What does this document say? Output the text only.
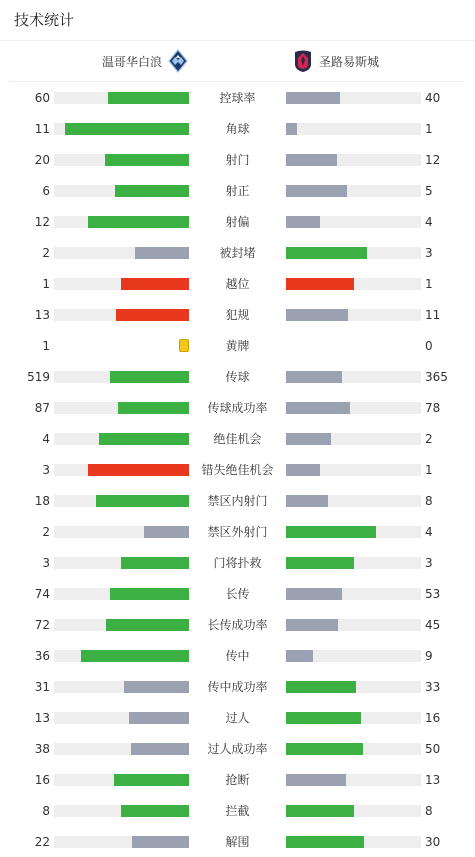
技术统计
温哥华白浪	圣路易斯城
60	控球率	40
11	角球	1
20	射门	12
6	射正	5
12	射偏	4
2	被封堵	3
1	越位	1
13	犯规	11
1	黄牌	0
519	传球	365
87	传球成功率	78
4	绝佳机会	2
3	错失绝佳机会	1
18	禁区内射门	8
2	禁区外射门	4
3	门将扑救	3
74	长传	53
72	长传成功率	45
36	传中	9
31	传中成功率	33
13	过人	16
38	过人成功率	50
16	抢断	13
8	拦截	8
22	解围	30
